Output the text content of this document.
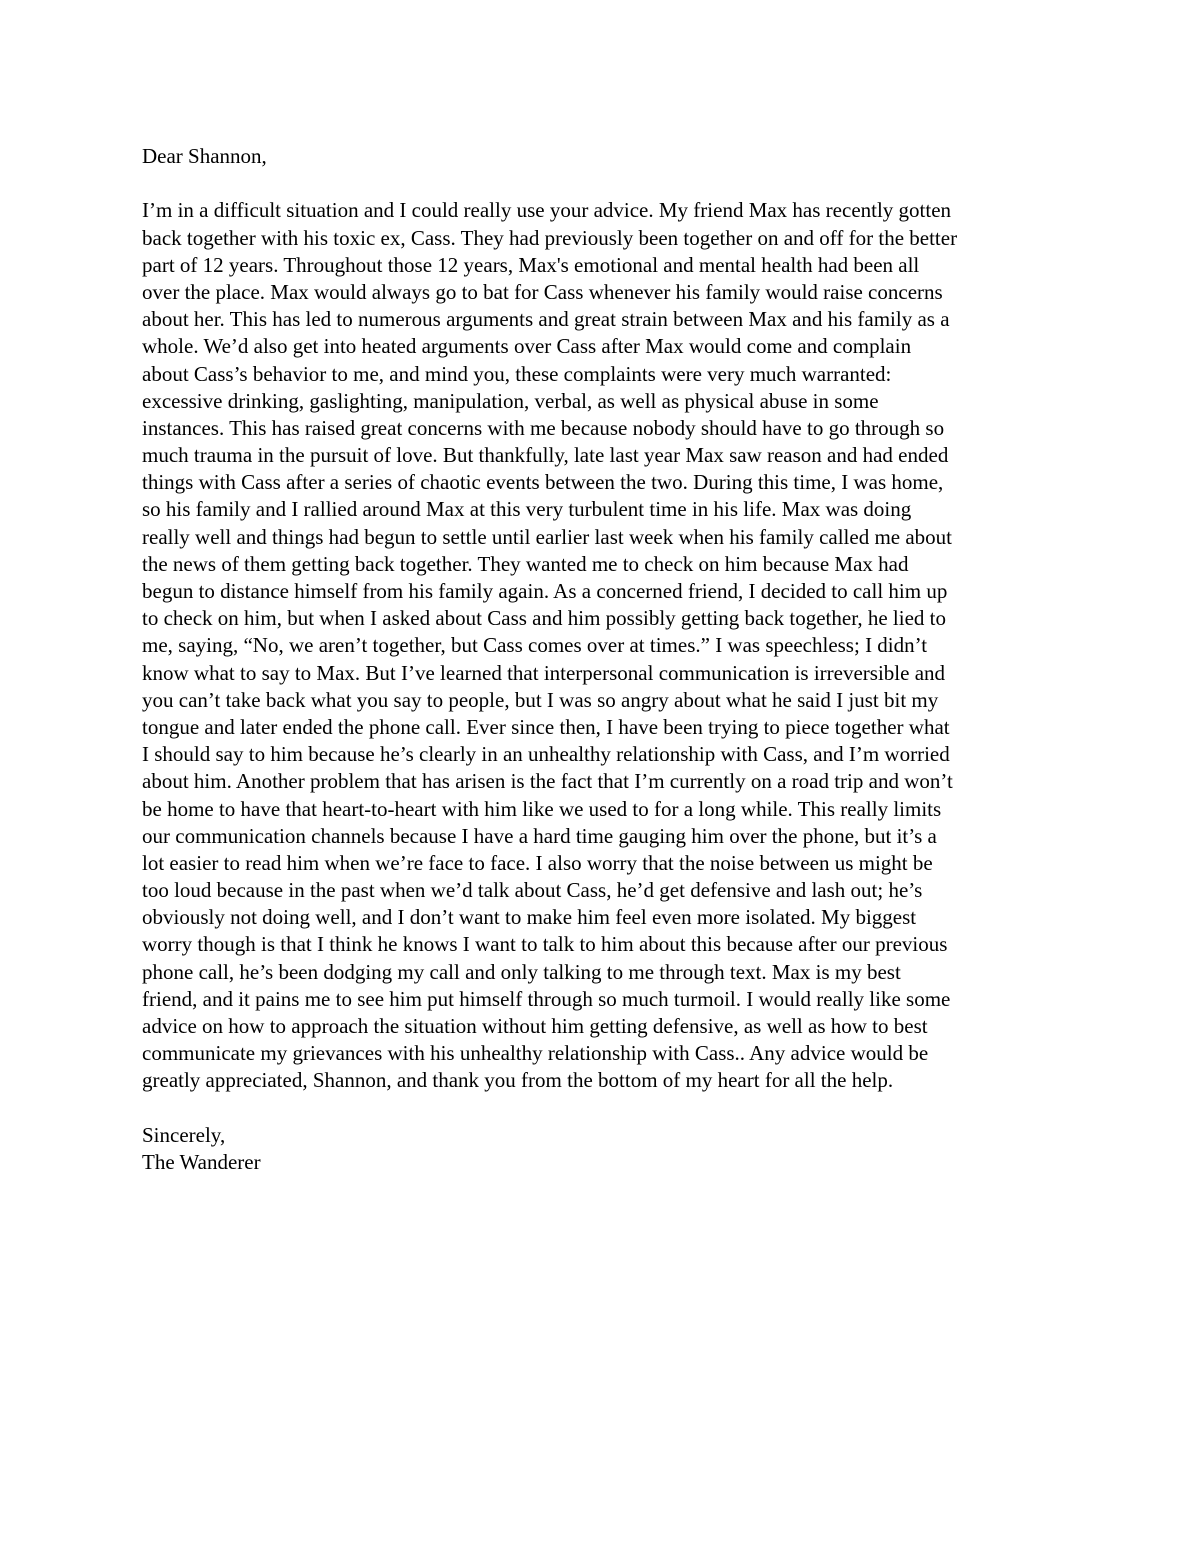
Dear Shannon,
I’m in a difficult situation and I could really use your advice. My friend Max has recently gotten
back together with his toxic ex, Cass. They had previously been together on and off for the better
part of 12 years. Throughout those 12 years, Max's emotional and mental health had been all
over the place. Max would always go to bat for Cass whenever his family would raise concerns
about her. This has led to numerous arguments and great strain between Max and his family as a
whole. We’d also get into heated arguments over Cass after Max would come and complain
about Cass’s behavior to me, and mind you, these complaints were very much warranted:
excessive drinking, gaslighting, manipulation, verbal, as well as physical abuse in some
instances. This has raised great concerns with me because nobody should have to go through so
much trauma in the pursuit of love. But thankfully, late last year Max saw reason and had ended
things with Cass after a series of chaotic events between the two. During this time, I was home,
so his family and I rallied around Max at this very turbulent time in his life. Max was doing
really well and things had begun to settle until earlier last week when his family called me about
the news of them getting back together. They wanted me to check on him because Max had
begun to distance himself from his family again. As a concerned friend, I decided to call him up
to check on him, but when I asked about Cass and him possibly getting back together, he lied to
me, saying, “No, we aren’t together, but Cass comes over at times.” I was speechless; I didn’t
know what to say to Max. But I’ve learned that interpersonal communication is irreversible and
you can’t take back what you say to people, but I was so angry about what he said I just bit my
tongue and later ended the phone call. Ever since then, I have been trying to piece together what
I should say to him because he’s clearly in an unhealthy relationship with Cass, and I’m worried
about him. Another problem that has arisen is the fact that I’m currently on a road trip and won’t
be home to have that heart-to-heart with him like we used to for a long while. This really limits
our communication channels because I have a hard time gauging him over the phone, but it’s a
lot easier to read him when we’re face to face. I also worry that the noise between us might be
too loud because in the past when we’d talk about Cass, he’d get defensive and lash out; he’s
obviously not doing well, and I don’t want to make him feel even more isolated. My biggest
worry though is that I think he knows I want to talk to him about this because after our previous
phone call, he’s been dodging my call and only talking to me through text. Max is my best
friend, and it pains me to see him put himself through so much turmoil. I would really like some
advice on how to approach the situation without him getting defensive, as well as how to best
communicate my grievances with his unhealthy relationship with Cass.. Any advice would be
greatly appreciated, Shannon, and thank you from the bottom of my heart for all the help.
Sincerely,
The Wanderer
